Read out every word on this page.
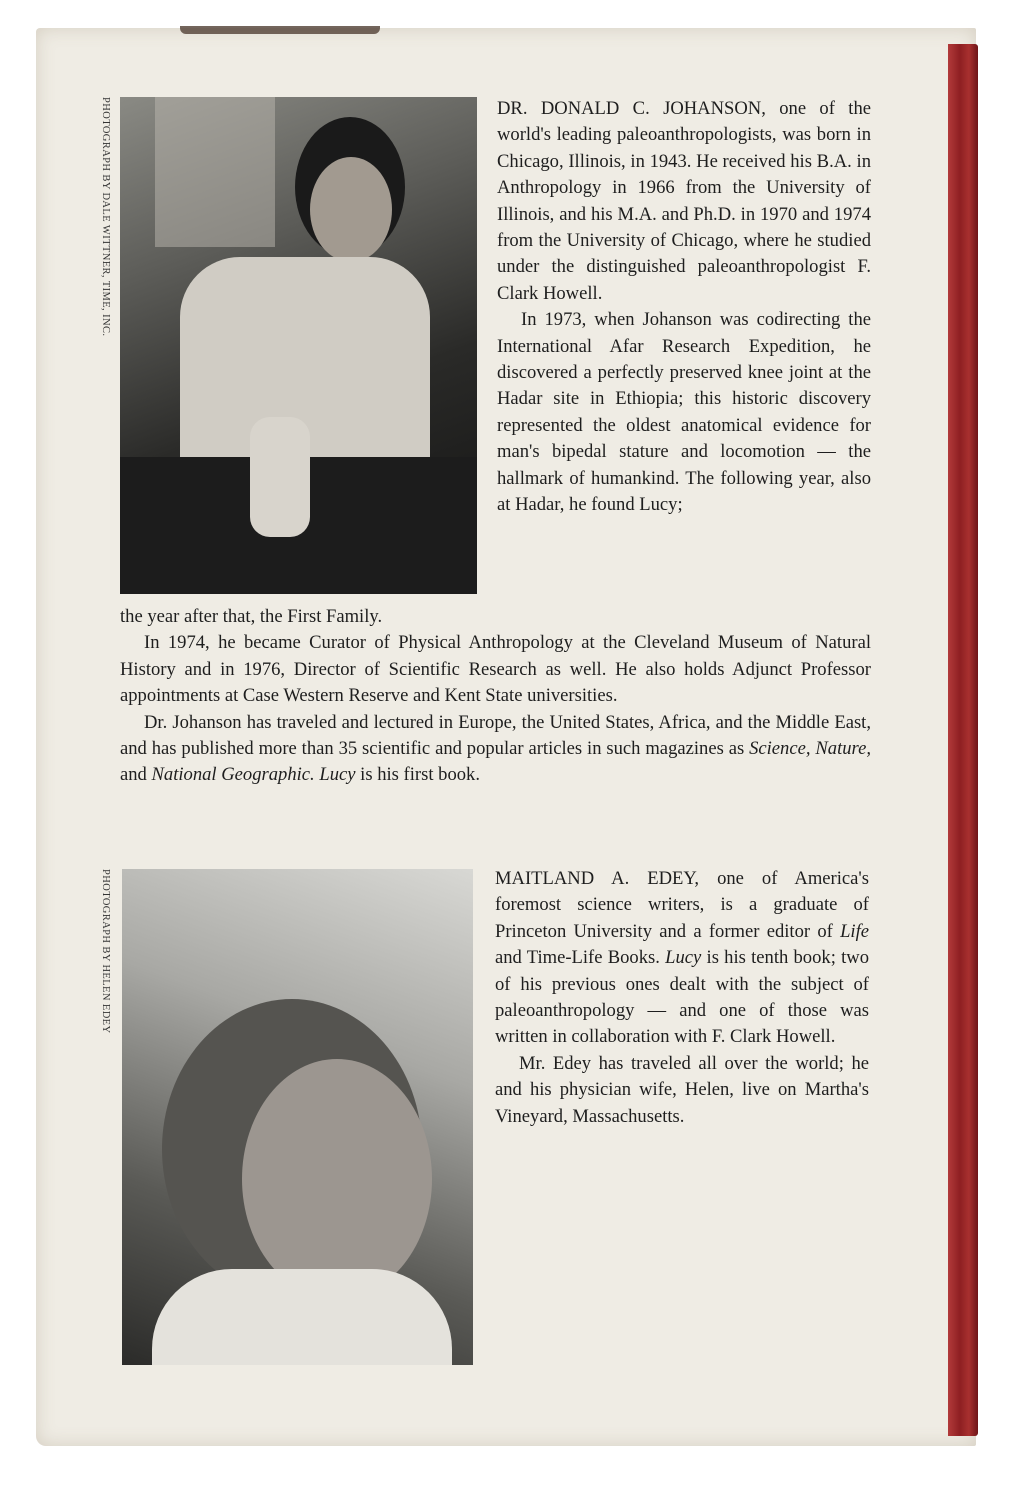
PHOTOGRAPH BY DALE WITTNER, TIME, INC.	DR. DONALD C. JOHANSON, one of the world's leading paleoanthropologists, was born in Chicago, Illinois, in 1943. He received his B.A. in Anthropology in 1966 from the University of Illinois, and his M.A. and Ph.D. in 1970 and 1974 from the University of Chicago, where he studied under the distinguished paleoanthropologist F. Clark Howell.

In 1973, when Johanson was codirecting the International Afar Research Expedition, he discovered a perfectly preserved knee joint at the Hadar site in Ethiopia; this historic discovery represented the oldest anatomical evidence for man's bipedal stature and locomotion — the hallmark of humankind. The following year, also at Hadar, he found Lucy;

the year after that, the First Family.

In 1974, he became Curator of Physical Anthropology at the Cleveland Museum of Natural History and in 1976, Director of Scientific Research as well. He also holds Adjunct Professor appointments at Case Western Reserve and Kent State universities.

Dr. Johanson has traveled and lectured in Europe, the United States, Africa, and the Middle East, and has published more than 35 scientific and popular articles in such magazines as Science, Nature, and National Geographic. Lucy is his first book.

PHOTOGRAPH BY HELEN EDEY	MAITLAND A. EDEY, one of America's foremost science writers, is a graduate of Princeton University and a former editor of Life and Time-Life Books. Lucy is his tenth book; two of his previous ones dealt with the subject of paleoanthropology — and one of those was written in collaboration with F. Clark Howell.

Mr. Edey has traveled all over the world; he and his physician wife, Helen, live on Martha's Vineyard, Massachusetts.
